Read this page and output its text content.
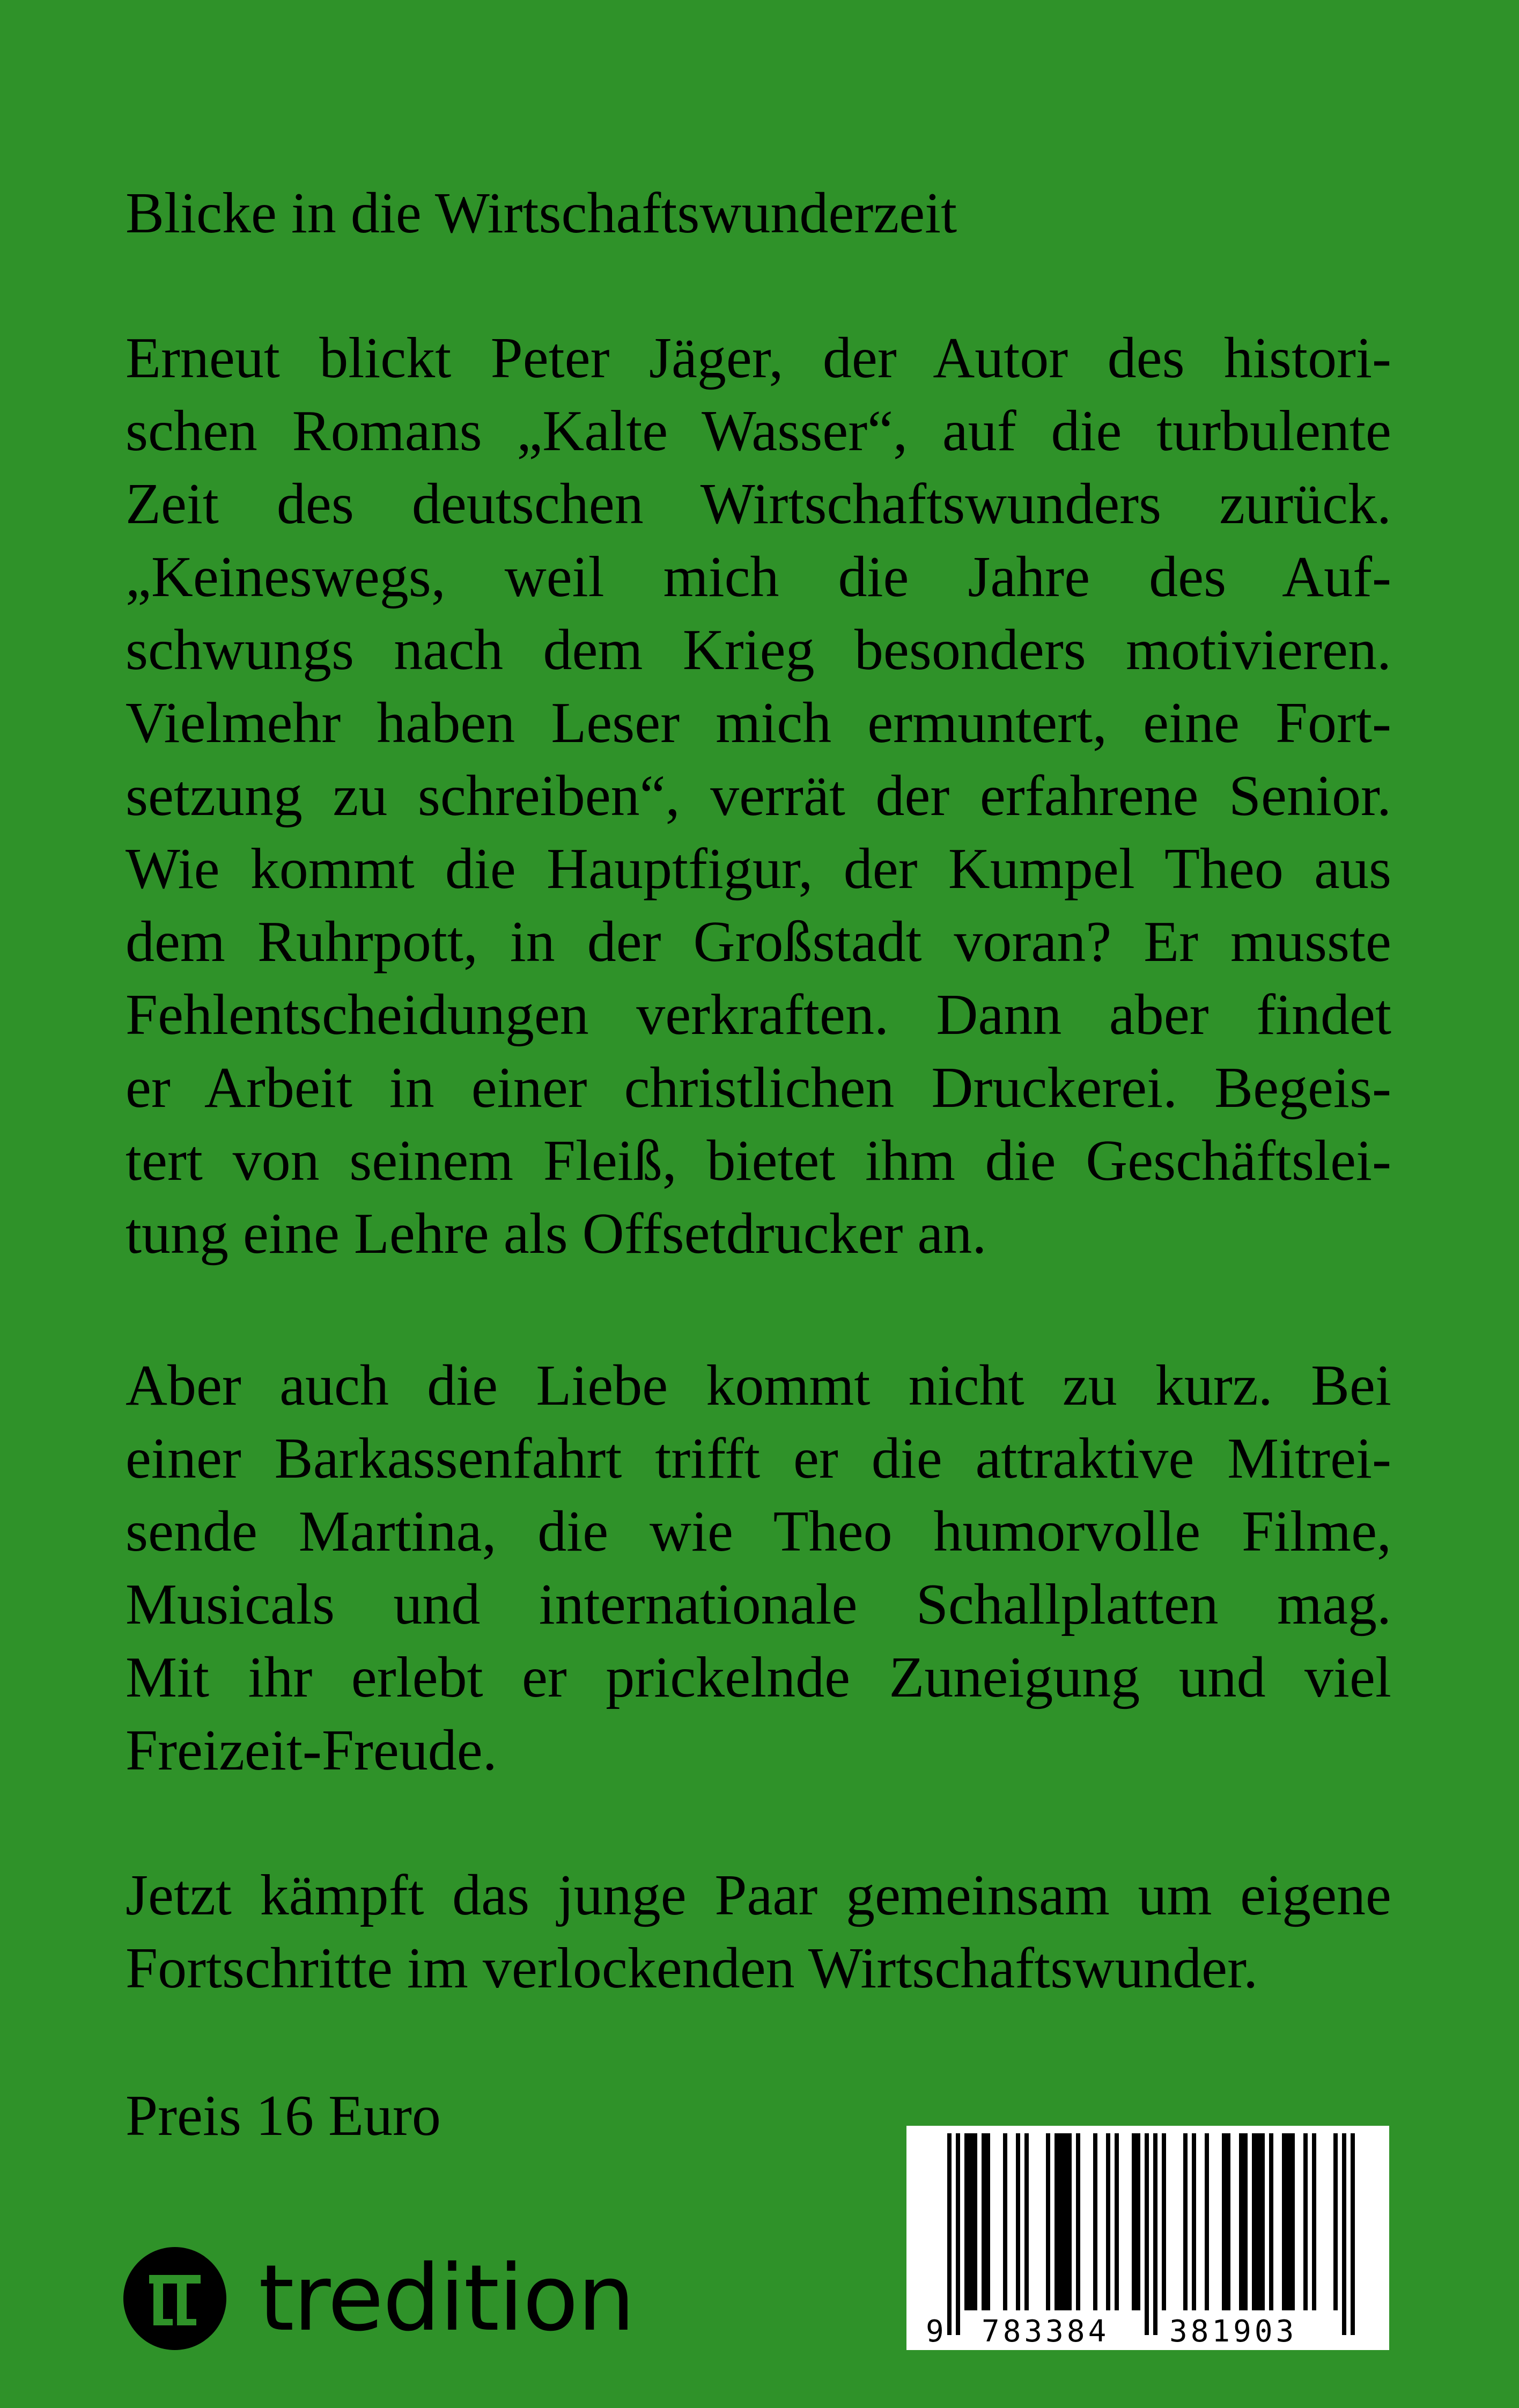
Blicke in die Wirtschaftswunderzeit
Erneut blickt Peter Jäger, der Autor des histori-
schen Romans „Kalte Wasser“, auf die turbulente
Zeit des deutschen Wirtschaftswunders zurück.
„Keineswegs, weil mich die Jahre des Auf-
schwungs nach dem Krieg besonders motivieren.
Vielmehr haben Leser mich ermuntert, eine Fort-
setzung zu schreiben“, verrät der erfahrene Senior.
Wie kommt die Hauptfigur, der Kumpel Theo aus
dem Ruhrpott, in der Großstadt voran? Er musste
Fehlentscheidungen verkraften. Dann aber findet
er Arbeit in einer christlichen Druckerei. Begeis-
tert von seinem Fleiß, bietet ihm die Geschäftslei-
tung eine Lehre als Offsetdrucker an.
Aber auch die Liebe kommt nicht zu kurz. Bei
einer Barkassenfahrt trifft er die attraktive Mitrei-
sende Martina, die wie Theo humorvolle Filme,
Musicals und internationale Schallplatten mag.
Mit ihr erlebt er prickelnde Zuneigung und viel
Freizeit-Freude.
Jetzt kämpft das junge Paar gemeinsam um eigene
Fortschritte im verlockenden Wirtschaftswunder.
Preis 16 Euro
tredition	9 783384 381903
